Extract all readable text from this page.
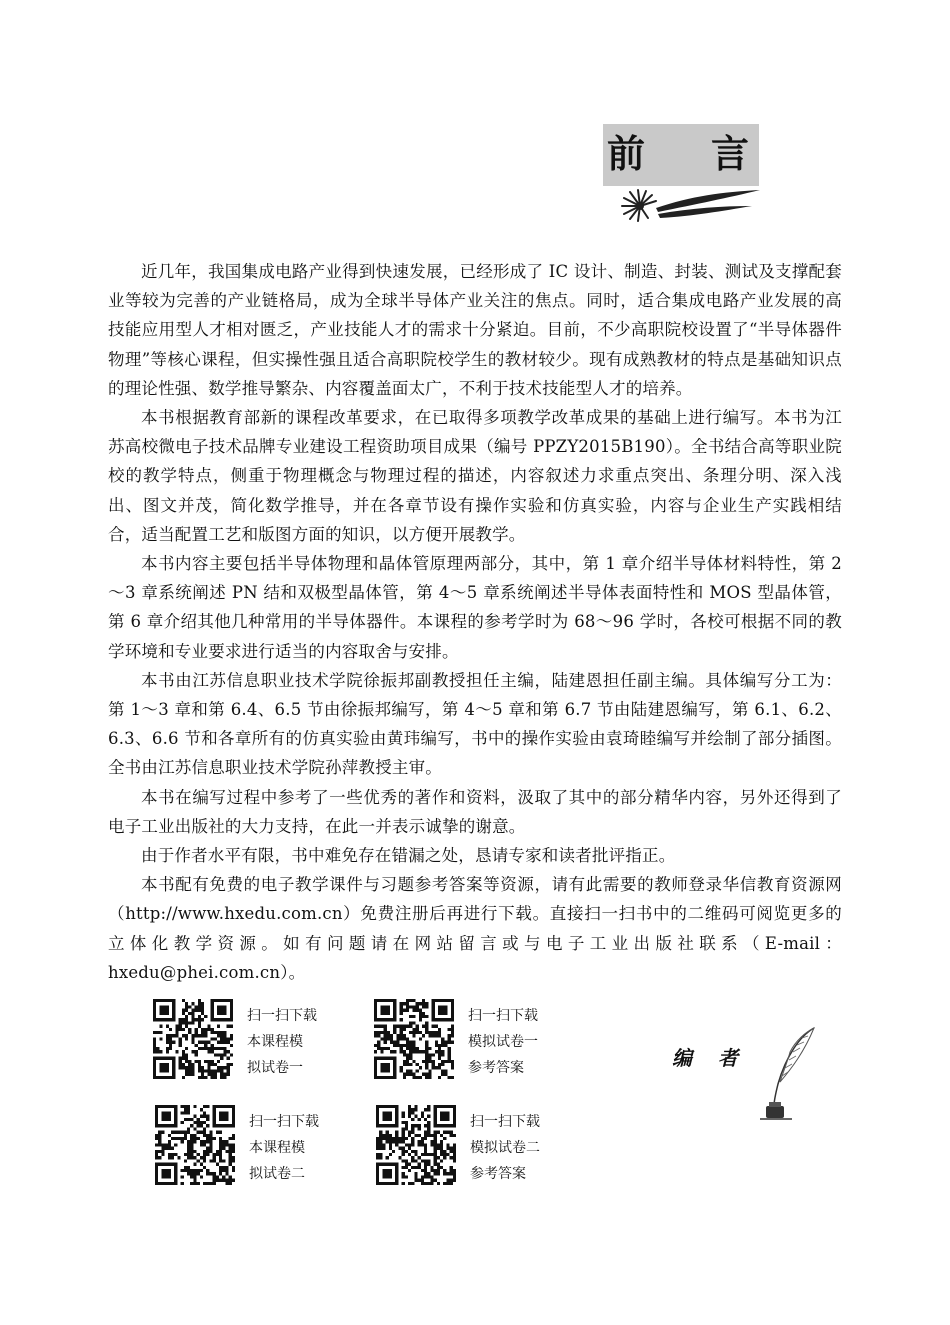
前 言

近几年，我国集成电路产业得到快速发展，已经形成了 IC 设计、制造、封装、测试及支撑配套业等较为完善的产业链格局，成为全球半导体产业关注的焦点。同时，适合集成电路产业发展的高技能应用型人才相对匮乏，产业技能人才的需求十分紧迫。目前，不少高职院校设置了“半导体器件物理”等核心课程，但实操性强且适合高职院校学生的教材较少。现有成熟教材的特点是基础知识点的理论性强、数学推导繁杂、内容覆盖面太广，不利于技术技能型人才的培养。

本书根据教育部新的课程改革要求，在已取得多项教学改革成果的基础上进行编写。本书为江苏高校微电子技术品牌专业建设工程资助项目成果（编号 PPZY2015B190）。全书结合高等职业院校的教学特点，侧重于物理概念与物理过程的描述，内容叙述力求重点突出、条理分明、深入浅出、图文并茂，简化数学推导，并在各章节设有操作实验和仿真实验，内容与企业生产实践相结合，适当配置工艺和版图方面的知识，以方便开展教学。

本书内容主要包括半导体物理和晶体管原理两部分，其中，第 1 章介绍半导体材料特性，第 2～3 章系统阐述 PN 结和双极型晶体管，第 4～5 章系统阐述半导体表面特性和 MOS 型晶体管，第 6 章介绍其他几种常用的半导体器件。本课程的参考学时为 68～96 学时，各校可根据不同的教学环境和专业要求进行适当的内容取舍与安排。

本书由江苏信息职业技术学院徐振邦副教授担任主编，陆建恩担任副主编。具体编写分工为：第 1～3 章和第 6.4、6.5 节由徐振邦编写，第 4～5 章和第 6.7 节由陆建恩编写，第 6.1、6.2、6.3、6.6 节和各章所有的仿真实验由黄玮编写，书中的操作实验由袁琦睦编写并绘制了部分插图。全书由江苏信息职业技术学院孙萍教授主审。

本书在编写过程中参考了一些优秀的著作和资料，汲取了其中的部分精华内容，另外还得到了电子工业出版社的大力支持，在此一并表示诚挚的谢意。

由于作者水平有限，书中难免存在错漏之处，恳请专家和读者批评指正。

本书配有免费的电子教学课件与习题参考答案等资源，请有此需要的教师登录华信教育资源网（http://www.hxedu.com.cn）免费注册后再进行下载。直接扫一扫书中的二维码可阅览更多的立体化教学资源。如有问题请在网站留言或与电子工业出版社联系（E-mail：hxedu@phei.com.cn）。

扫一扫下载
本课程模
拟试卷一
扫一扫下载
模拟试卷一
参考答案
扫一扫下载
本课程模
拟试卷二
扫一扫下载
模拟试卷二
参考答案
编者
